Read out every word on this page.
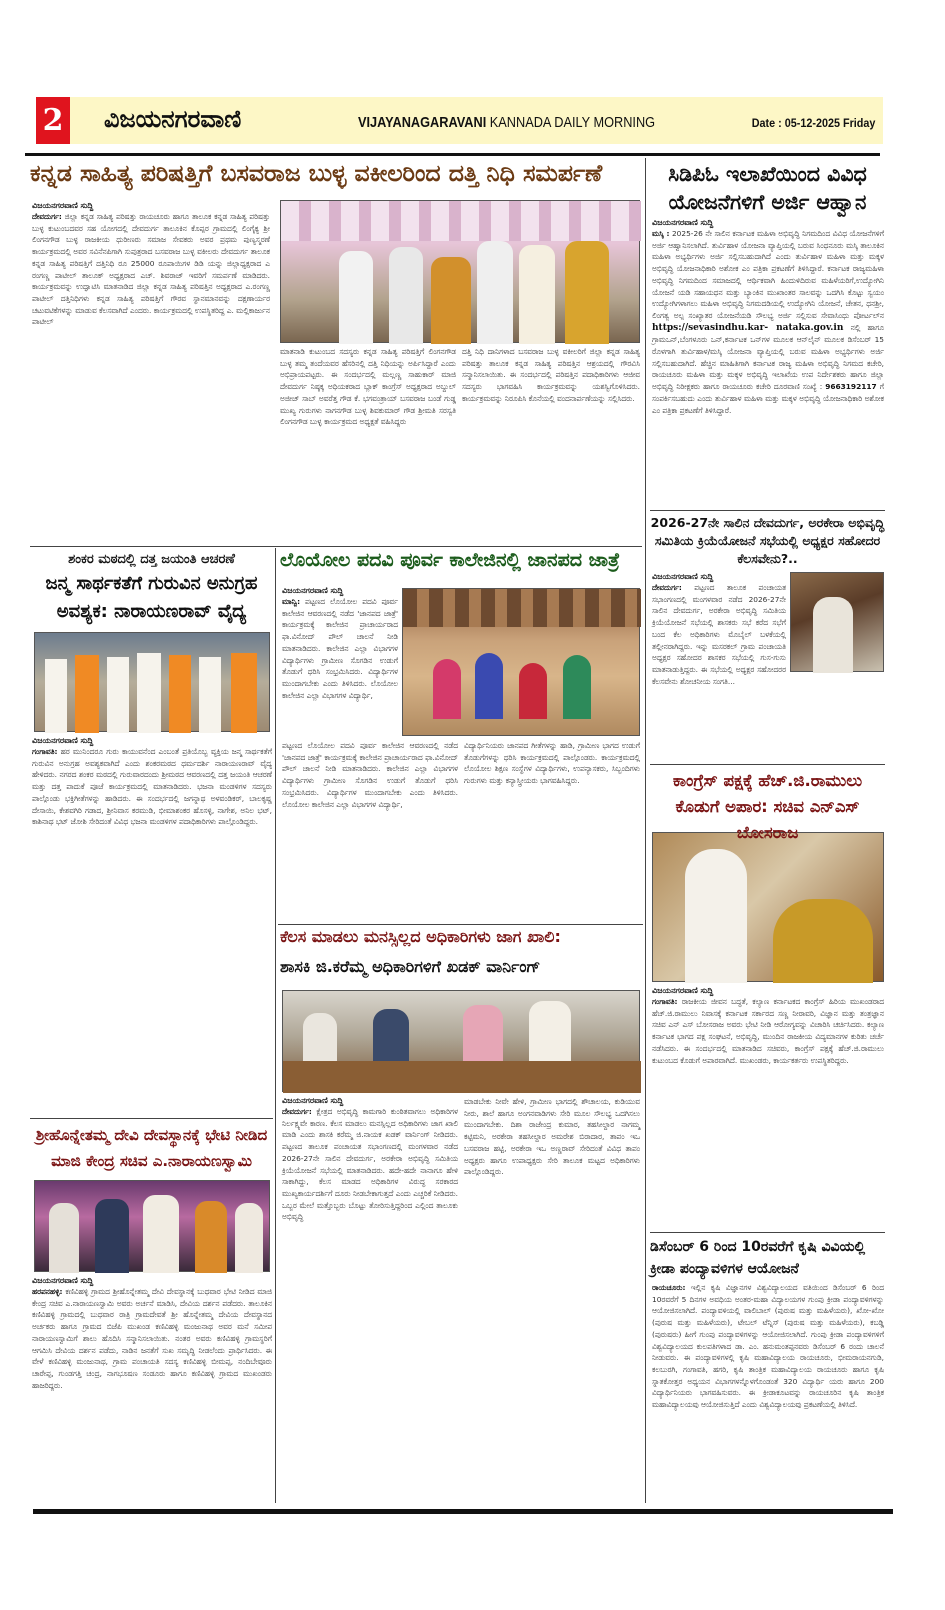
2 ವಿಜಯನಗರವಾಣಿ	VIJAYANAGARAVANI KANNADA DAILY MORNING	Date : 05-12-2025 Friday
ಕನ್ನಡ ಸಾಹಿತ್ಯ ಪರಿಷತ್ತಿಗೆ ಬಸವರಾಜ ಬುಳ್ಳ ವಕೀಲರಿಂದ ದತ್ತಿ ನಿಧಿ ಸಮರ್ಪಣೆ
ವಿಜಯನಗರವಾಣಿ ಸುದ್ದಿ
ದೇವದುರ್ಗ: ಜಿಲ್ಲಾ ಕನ್ನಡ ಸಾಹಿತ್ಯ ಪರಿಷತ್ತು ರಾಯಚೂರು ಹಾಗೂ ತಾಲೂಕ ಕನ್ನಡ ಸಾಹಿತ್ಯ ಪರಿಷತ್ತು ಬುಳ್ಳ ಕುಟುಂಬದವರ ಸಹ ಯೋಗದಲ್ಲಿ ದೇವದುರ್ಗ ತಾಲೂಕಿನ ಕೊಪ್ಪರ ಗ್ರಾಮದಲ್ಲಿ ಲಿಂಗೈಕ್ಯ ಶ್ರೀ ಲಿಂಗನಗೌಡ ಬುಳ್ಳ ರಾಜಕೀಯ ಧುರೀಣರು ಸಮಾಜ ಸೇವಕರು ಅವರ ಪ್ರಥಮ ಪುಣ್ಯಸ್ಮರಣೆ ಕಾರ್ಯಕ್ರಮದಲ್ಲಿ ಅವರ ಸವಿನೆನಪಿಗಾಗಿ ಸುಪುತ್ರರಾದ ಬಸವರಾಜ ಬುಳ್ಳ ವಕೀಲರು ದೇವದುರ್ಗ ತಾಲೂಕ ಕನ್ನಡ ಸಾಹಿತ್ಯ ಪರಿಷತ್ತಿಗೆ ದತ್ತಿನಿಧಿ ರೂ 25000 ರೂಪಾಯಿಗಳ ಡಿಡಿ ಯನ್ನು ಜಿಲ್ಲಾಧ್ಯಕ್ಷರಾದ ಎ ರಂಗಣ್ಣ ಪಾಟೀಲ್ ತಾಲೂಕ್ ಅಧ್ಯಕ್ಷರಾದ ಎಚ್. ಶಿವರಾಜ್ ಇವರಿಗೆ ಸಮರ್ಪಣೆ ಮಾಡಿದರು. ಕಾರ್ಯಕ್ರಮವನ್ನು ಉದ್ಘಾಟಿಸಿ ಮಾತನಾಡಿದ ಜಿಲ್ಲಾ ಕನ್ನಡ ಸಾಹಿತ್ಯ ಪರಿಷತ್ತಿನ ಅಧ್ಯಕ್ಷರಾದ ಎ.ರಂಗಣ್ಣ ಪಾಟೀಲ್ ದತ್ತಿನಿಧಿಗಳು ಕನ್ನಡ ಸಾಹಿತ್ಯ ಪರಿಷತ್ತಿಗೆ ಗೌರವ ಸ್ಥಾನಮಾನವನ್ನು ದಕ್ಷಣಾರ್ಯರ ಚಟುವಟಿಕೆಗಳನ್ನು ಮಾಡುವ ಕೆಲಸವಾಗಿದೆ ಎಂದರು. ಕಾರ್ಯಕ್ರಮದಲ್ಲಿ ಉಪಸ್ಥಿತರಿದ್ದ ಎ. ಮಲ್ಲಿಕಾರ್ಜುನ ಪಾಟೀಲ್
ಮಾತನಾಡಿ ಕುಟುಂಬದ ಸದಸ್ಯರು ಕನ್ನಡ ಸಾಹಿತ್ಯ ಪರಿಷತ್ತಿಗೆ ಲಿಂಗನಗೌಡ ಬುಳ್ಳ ತಮ್ಮ ತಂದೆಯವರ ಹೆಸರಿನಲ್ಲಿ ದತ್ತಿ ನಿಧಿಯನ್ನು ಅರ್ಪಿಸಿದ್ದಾರೆ ಎಂದು ಅಭಿಪ್ರಾಯಪಟ್ಟರು. ಈ ಸಂದರ್ಭದಲ್ಲಿ ಮಲ್ಲಣ್ಣ ಸಾಹುಕಾರ್ ಮಾಜಿ ದೇವದುರ್ಗ ನಿಷ್ಠಕ್ಕ ಅಧಿಯಕರಾದ ಬ್ಲಾಕ್ ಕಾಂಗ್ರೆಸ್ ಅಧ್ಯಕ್ಷರಾದ ಅಬ್ದುಲ್ ಅಜೀಜ್ ಸಾಬ್ ಅವರೆತ್ತ ಗೌಡ ಕೆ. ಭಗವಂತ್ರಾಯ್ ಬಸವರಾಜ ಬಂಡೆ ಗುಡ್ಡ ಮುಖ್ಯ ಗುರುಗಳು ನಾಗನಗೌಡ ಬುಳ್ಳ ಶಿವಕುಮಾರ್ ಗೌಡ ಶ್ರೀಮತಿ ಸರಸ್ವತಿ ಲಿಂಗನಗೌಡ ಬುಳ್ಳ ಕಾರ್ಯಕ್ರಮದ ಅಧ್ಯಕ್ಷತೆ ವಹಿಸಿದ್ದರು
ದತ್ತಿ ನಿಧಿ ದಾನಿಗಳಾದ ಬಸವರಾಜ ಬುಳ್ಳ ವಕೀಲರಿಗೆ ಜಿಲ್ಲಾ ಕನ್ನಡ ಸಾಹಿತ್ಯ ಪರಿಷತ್ತು ತಾಲೂಕ ಕನ್ನಡ ಸಾಹಿತ್ಯ ಪರಿಷತ್ತಿನ ಆಶ್ರಯದಲ್ಲಿ ಗೌರವಿಸಿ ಸನ್ಮಾನಿಸಲಾಯಿತು. ಈ ಸಂದರ್ಭದಲ್ಲಿ ಪರಿಷತ್ತಿನ ಪದಾಧಿಕಾರಿಗಳು ಆಜೀವ ಸದಸ್ಯರು ಭಾಗವಹಿಸಿ ಕಾರ್ಯಕ್ರಮವನ್ನು ಯಶಸ್ವಿಗೊಳಿಸಿದರು. ಕಾರ್ಯಕ್ರಮವನ್ನು ನಿರೂಪಿಸಿ ಕೊನೆಯಲ್ಲಿ ವಂದನಾರ್ಪಣೆಯನ್ನು ಸಲ್ಲಿಸಿದರು.
ಸಿಡಿಪಿಓ ಇಲಾಖೆಯಿಂದ ವಿವಿಧ ಯೋಜನೆಗಳಿಗೆ ಅರ್ಜಿ ಆಹ್ವಾನ
ವಿಜಯನಗರವಾಣಿ ಸುದ್ದಿ
ಮಸ್ಕಿ : 2025-26 ನೇ ಸಾಲಿನ ಕರ್ನಾಟಕ ಮಹಿಳಾ ಅಭಿವೃದ್ಧಿ ನಿಗಮದಿಂದ ವಿವಿಧ ಯೋಜನೆಗಳಿಗೆ ಅರ್ಜಿ ಆಹ್ವಾನಿಸಲಾಗಿದೆ. ತುರ್ವಿಹಾಳ ಯೋಜನಾ ವ್ಯಾಪ್ತಿಯಲ್ಲಿ ಬರುವ ಸಿಂಧನೂರು ಮಸ್ಕಿ ತಾಲೂಕಿನ ಮಹಿಳಾ ಅಭ್ಯರ್ಥಿಗಳು ಅರ್ಜಿ ಸಲ್ಲಿಸಬಹುದಾಗಿದೆ ಎಂದು ತುರ್ವಿಹಾಳ ಮಹಿಳಾ ಮತ್ತು ಮಕ್ಕಳ ಅಭಿವೃದ್ಧಿ ಯೋಜನಾಧಿಕಾರಿ ಅಶೋಕ ಎಂ ಪತ್ರಿಕಾ ಪ್ರಕಟಣೆಗೆ ತಿಳಿಸಿದ್ದಾರೆ. ಕರ್ನಾಟಕ ರಾಜ್ಯಮಹಿಳಾ ಅಭಿವೃದ್ಧಿ ನಿಗಮದಿಂದ ಸಮಾಜದಲ್ಲಿ ಆರ್ಥಿಕವಾಗಿ ಹಿಂದುಳಿದಿರುವ ಮಹಿಳೆಯರಿಗೆ,ಉದ್ಯೋಗಿನಿ ಯೋಜನೆ ಯಡಿ ಸಹಾಯಧನ ಮತ್ತು ಬ್ಯಾಂಕಿನ ಮುಖಾಂತರ ಸಾಲವನ್ನು ಒದಗಿಸಿ ಕೊಟ್ಟು ಸ್ವಯಂ ಉದ್ಯೋಗಿಗಳಾಗಲು ಮಹಿಳಾ ಅಭಿವೃದ್ಧಿ ನಿಗಮದಡಿಯಲ್ಲಿ ಉದ್ಯೋಗಿನಿ ಯೋಜನೆ, ಚೇತನ, ಧನಶ್ರೀ, ಲಿಂಗತ್ವ ಅಲ್ಪ ಸಂಖ್ಯಾತರ ಯೋಜನೆಯಡಿ ಸೌಲಭ್ಯ ಅರ್ಜಿ ಸಲ್ಲಿಸುವ ಸೇವಾಸಿಂಧು ಪೋರ್ಟಲ್‌ನ https://sevasindhu.kar- nataka.gov.in ನಲ್ಲಿ ಹಾಗೂ ಗ್ರಾಮಒನ್,ಬೆಂಗಳೂರು ಒನ್,ಕರ್ನಾಟಕ ಒನ್‌ಗಳ ಮೂಲಕ ಆನ್‌ಲೈನ್ ಮೂಲಕ ಡಿಸೆಂಬರ್ 15 ರೊಳಗಾಗಿ ತುರ್ವಿಹಾಳ/ಮಸ್ಕಿ ಯೋಜನಾ ವ್ಯಾಪ್ತಿಯಲ್ಲಿ ಬರುವ ಮಹಿಳಾ ಅಭ್ಯರ್ಥಿಗಳು ಅರ್ಜಿ ಸಲ್ಲಿಸಬಹುದಾಗಿದೆ. ಹೆಚ್ಚಿನ ಮಾಹಿತಿಗಾಗಿ ಕರ್ನಾಟಕ ರಾಜ್ಯ ಮಹಿಳಾ ಅಭಿವೃದ್ಧಿ ನಿಗಮದ ಕಚೇರಿ, ರಾಯಚೂರು ಮಹಿಳಾ ಮತ್ತು ಮಕ್ಕಳ ಅಭಿವೃದ್ಧಿ ಇಲಾಖೆಯ ಉಪ ನಿರ್ದೇಶಕರು ಹಾಗೂ ಜಿಲ್ಲಾ ಅಭಿವೃದ್ಧಿ ನಿರೀಕ್ಷಕರು ಹಾಗೂ ರಾಯಚೂರು ಕಚೇರಿ ದೂರವಾಣಿ ಸಂಖ್ಯೆ : 9663192117 ಗೆ ಸಂಪರ್ಕಿಸಬಹುದು ಎಂದು ತುರ್ವಿಹಾಳ ಮಹಿಳಾ ಮತ್ತು ಮಕ್ಕಳ ಅಭಿವೃದ್ಧಿ ಯೋಜನಾಧಿಕಾರಿ ಅಶೋಕ ಎಂ ಪತ್ರಿಕಾ ಪ್ರಕಟಣೆಗೆ ತಿಳಿಸಿದ್ದಾರೆ.
2026-27ನೇ ಸಾಲಿನ ದೇವದುರ್ಗ, ಅರಕೇರಾ ಅಭಿವೃದ್ಧಿ ಸಮಿತಿಯ ಕ್ರಿಯೆಯೋಜನೆ ಸಭೆಯಲ್ಲಿ ಅಧ್ಯಕ್ಷರ ಸಹೋದರ ಕೆಲಸವೇನು?..
ವಿಜಯನಗರವಾಣಿ ಸುದ್ದಿ
ದೇವದುರ್ಗ: ಪಟ್ಟಣದ ತಾಲೂಕ ಪಂಚಾಯತ ಸಭಾಂಗಣದಲ್ಲಿ ಮಂಗಳವಾರ ನಡೆದ 2026-27ನೇ ಸಾಲಿನ ದೇವದುರ್ಗ, ಅರಕೇರಾ ಅಭಿವೃದ್ಧಿ ಸಮಿತಿಯ ಕ್ರಿಯೆಯೋಜನೆ ಸಭೆಯಲ್ಲಿ ಶಾಸಕರು ಸಭೆ ಕರೆದ ಸಭೆಗೆ ಬಂದ ಕೆಲ ಅಧಿಕಾರಿಗಳು ಮೊಬೈಲ್ ಬಳಕೆಯಲ್ಲಿ ತಲ್ಲೀನರಾಗಿದ್ದರು. ಇನ್ನು ಮಸರಕಲ್ ಗ್ರಾಮ ಪಂಚಾಯತಿ ಅಧ್ಯಕ್ಷರ ಸಹೋದರ ಶಾಸಕರ ಸಭೆಯಲ್ಲಿ ಗುಸ-ಗುಸು ಮಾತನಾಡುತ್ತಿದ್ದರು. ಈ ಸಭೆಯಲ್ಲಿ ಅಧ್ಯಕ್ಷರ ಸಹೋದರರ ಕೆಲಸವೇನು ಶೋಚನೀಯ ಸಂಗತಿ...
ಕಾಂಗ್ರೆಸ್ ಪಕ್ಷಕ್ಕೆ ಹೆಚ್.ಜಿ.ರಾಮುಲು ಕೊಡುಗೆ ಅಪಾರ: ಸಚಿವ ಎನ್‌ಎಸ್ ಬೋಸರಾಜ
ವಿಜಯನಗರವಾಣಿ ಸುದ್ದಿ
ಗಂಗಾವತಿ: ರಾಜಕೀಯ ಜೀವನ ಬದ್ಧತೆ, ಕಲ್ಯಾಣ ಕರ್ನಾಟಕದ ಕಾಂಗ್ರೆಸ್ ಹಿರಿಯ ಮುಖಂಡರಾದ ಹೆಚ್.ಜಿ.ರಾಮುಲು ನಿವಾಸಕ್ಕೆ ಕರ್ನಾಟಕ ಸರ್ಕಾರದ ಸಣ್ಣ ನೀರಾವರಿ, ವಿಜ್ಞಾನ ಮತ್ತು ತಂತ್ರಜ್ಞಾನ ಸಚಿವ ಎನ್ ಎಸ್ ಬೋಸರಾಜ ಅವರು ಭೇಟಿ ನೀಡಿ ಆರೋಗ್ಯವನ್ನು ವಿಚಾರಿಸಿ ಚರ್ಚಿಸಿದರು. ಕಲ್ಯಾಣ ಕರ್ನಾಟಕ ಭಾಗದ ಪಕ್ಷ ಸಂಘಟನೆ, ಅಭಿವೃದ್ಧಿ, ಮುಂದಿನ ರಾಜಕೀಯ ವಿದ್ಯಮಾನಗಳ ಕುರಿತು ಚರ್ಚೆ ನಡೆಸಿದರು. ಈ ಸಂದರ್ಭದಲ್ಲಿ ಮಾತನಾಡಿದ ಸಚಿವರು, ಕಾಂಗ್ರೆಸ್ ಪಕ್ಷಕ್ಕೆ ಹೆಚ್.ಜಿ.ರಾಮುಲು ಕುಟುಂಬದ ಕೊಡುಗೆ ಅಪಾರವಾಗಿದೆ. ಮುಖಂಡರು, ಕಾರ್ಯಕರ್ತರು ಉಪಸ್ಥಿತರಿದ್ದರು.
ಡಿಸೆಂಬರ್ 6 ರಿಂದ 10ರವರೆಗೆ ಕೃಷಿ ವಿವಿಯಲ್ಲಿ ಕ್ರೀಡಾ ಪಂದ್ಯಾವಳಿಗಳ ಆಯೋಜನೆ
ರಾಯಚೂರು: ಇಲ್ಲಿನ ಕೃಷಿ ವಿಜ್ಞಾನಗಳ ವಿಶ್ವವಿದ್ಯಾಲಯದ ವತಿಯಿಂದ ಡಿಸೆಂಬರ್ 6 ರಿಂದ 10ರವರೆಗೆ 5 ದಿನಗಳ ಅವಧಿಯ ಅಂತರ-ಮಹಾ ವಿದ್ಯಾಲಯಗಳ ಗುಂಪು ಕ್ರೀಡಾ ಪಂದ್ಯಾವಳಿಗಳನ್ನು ಆಯೋಜಿಸಲಾಗಿದೆ. ಪಂದ್ಯಾವಳಿಯಲ್ಲಿ ವಾಲಿಬಾಲ್ (ಪುರುಷ ಮತ್ತು ಮಹಿಳೆಯರು), ಖೋ-ಖೋ (ಪುರುಷ ಮತ್ತು ಮಹಿಳೆಯರು), ಟೇಬಲ್ ಟೆನ್ನಿಸ್ (ಪುರುಷ ಮತ್ತು ಮಹಿಳೆಯರು), ಕಬಡ್ಡಿ (ಪುರುಷರು) ಹೀಗೆ ಗುಂಪು ಪಂದ್ಯಾವಳಿಗಳನ್ನು ಆಯೋಜಿಸಲಾಗಿದೆ. ಗುಂಪು ಕ್ರೀಡಾ ಪಂದ್ಯಾವಳಿಗಳಿಗೆ ವಿಶ್ವವಿದ್ಯಾಲಯದ ಕುಲಪತಿಗಳಾದ ಡಾ. ಎಂ. ಹನುಮಂತಪ್ಪನವರು ಡಿಸೆಂಬರ್ 6 ರಂದು ಚಾಲನೆ ನೀಡುವರು. ಈ ಪಂದ್ಯಾವಳಿಗಳಲ್ಲಿ ಕೃಷಿ ಮಹಾವಿದ್ಯಾಲಯ ರಾಯಚೂರು, ಭೀಮರಾಯನಗುಡಿ, ಕಲಬುರಗಿ, ಗಂಗಾವತಿ, ಹಗರಿ, ಕೃಷಿ ತಾಂತ್ರಿಕ ಮಹಾವಿದ್ಯಾಲಯ ರಾಯಚೂರು ಹಾಗೂ ಕೃಷಿ ಸ್ನಾತಕೋತ್ತರ ಅಧ್ಯಯನ ವಿಭಾಗಗಳನ್ನೊಳಗೊಂಡಂತೆ 320 ವಿದ್ಯಾರ್ಥಿ ಯರು ಹಾಗೂ 200 ವಿದ್ಯಾರ್ಥಿನಿಯರು ಭಾಗವಹಿಸುವರು. ಈ ಕ್ರೀಡಾಕೂಟವನ್ನು ರಾಯಚೂರಿನ ಕೃಷಿ ತಾಂತ್ರಿಕ ಮಹಾವಿದ್ಯಾಲಯವು ಆಯೋಜಿಸುತ್ತಿದೆ ಎಂದು ವಿಶ್ವವಿದ್ಯಾಲಯವು ಪ್ರಕಟಣೆಯಲ್ಲಿ ತಿಳಿಸಿದೆ.
ಶಂಕರ ಮಠದಲ್ಲಿ ದತ್ತ ಜಯಂತಿ ಆಚರಣೆ
ಜನ್ಮ ಸಾರ್ಥಕತೆಗೆ ಗುರುವಿನ ಅನುಗ್ರಹ ಅವಶ್ಯಕ: ನಾರಾಯಣರಾವ್ ವೈದ್ಯ
ವಿಜಯನಗರವಾಣಿ ಸುದ್ದಿ
ಗಂಗಾವತಿ: ಹರ ಮುನಿಂದರೂ ಗುರು ಕಾಯುವನೆಂದ ಎಂಬಂತೆ ಪ್ರತಿಯೊಬ್ಬ ವ್ಯಕ್ತಿಯ ಜನ್ಮ ಸಾರ್ಥಕತೆಗೆ ಗುರುವಿನ ಅನುಗ್ರಹ ಅವಶ್ಯಕವಾಗಿದೆ ಎಂದು ಶಂಕರಮಠದ ಧರ್ಮದರ್ಶಿ ನಾರಾಯಣರಾವ್ ವೈದ್ಯ ಹೇಳಿದರು. ನಗರದ ಶಂಕರ ಮಠದಲ್ಲಿ ಗುರುವಾರದಂದು ಶ್ರೀಮಠದ ಆವರಣದಲ್ಲಿ ದತ್ತ ಜಯಂತಿ ಆಚರಣೆ ಮತ್ತು ದತ್ತ ಪಾದುಕೆ ಪೂಜೆ ಕಾರ್ಯಕ್ರಮದಲ್ಲಿ ಮಾತನಾಡಿದರು. ಭಜನಾ ಮಂಡಳಿಗಳ ಸದಸ್ಯರು ಪಾಲ್ಗೊಂಡು ಭಕ್ತಿಗೀತೆಗಳನ್ನು ಹಾಡಿದರು. ಈ ಸಂದರ್ಭದಲ್ಲಿ ಜಗನ್ನಾಥ ಅಳವಂಡಿಕರ್, ಬಾಲಕೃಷ್ಣ ದೇಸಾಯಿ, ಕೇಶವಗಿರಿ ಗಡಾದ, ಶ್ರೀನಿವಾಸ ಕರಮುಡಿ, ಭೀಮಾಶಂಕರ ಹೊಸಳ್ಳಿ, ನಾಗೇಶ, ಅನಿಲ ಭಟ್, ಕಾಶಿನಾಥ ಭಟ್ ಜೋಶಿ ಸೇರಿದಂತೆ ವಿವಿಧ ಭಜನಾ ಮಂಡಳಿಗಳ ಪದಾಧಿಕಾರಿಗಳು ಪಾಲ್ಗೊಂಡಿದ್ದರು.
ಶ್ರೀಹೊನ್ನೇತಮ್ಮ ದೇವಿ ದೇವಸ್ಥಾನಕ್ಕೆ ಭೇಟಿ ನೀಡಿದ ಮಾಜಿ ಕೇಂದ್ರ ಸಚಿವ ಎ.ನಾರಾಯಣಸ್ವಾಮಿ
ವಿಜಯನಗರವಾಣಿ ಸುದ್ದಿ
ಹರಪನಹಳ್ಳಿ: ಕಣಿವಿಹಳ್ಳಿ ಗ್ರಾಮದ ಶ್ರೀಹೊನ್ನೇತಮ್ಮ ದೇವಿ ದೇವಸ್ಥಾನಕ್ಕೆ ಬುಧವಾರ ಭೇಟಿ ನೀಡಿದ ಮಾಜಿ ಕೇಂದ್ರ ಸಚಿವ ಎ.ನಾರಾಯಣಸ್ವಾಮಿ ಅವರು ಅರ್ಚನೆ ಮಾಡಿಸಿ, ದೇವಿಯ ದರ್ಶನ ಪಡೆದರು. ತಾಲೂಕಿನ ಕಣಿವಿಹಳ್ಳಿ ಗ್ರಾಮದಲ್ಲಿ ಬುಧವಾರ ರಾತ್ರಿ ಗ್ರಾಮದೇವತೆ ಶ್ರೀ ಹೊನ್ನೇತಮ್ಮ ದೇವಿಯ ದೇವಸ್ಥಾನದ ಅರ್ಚಕರು ಹಾಗೂ ಗ್ರಾಮದ ಬಿಜೆಪಿ ಮುಖಂಡ ಕಣಿವಿಹಳ್ಳಿ ಮಂಜುನಾಥ ಅವರ ಮನೆ ಸಮೀಪ ನಾರಾಯಣಸ್ವಾಮಿಗೆ ಶಾಲು ಹೊದಿಸಿ ಸನ್ಮಾನಿಸಲಾಯಿತು. ನಂತರ ಅವರು ಕಣಿವಿಹಳ್ಳಿ ಗ್ರಾಮಸ್ಥರಿಗೆ ಆಗಮಿಸಿ ದೇವಿಯ ದರ್ಶನ ಪಡೆದು, ನಾಡಿನ ಜನತೆಗೆ ಸುಖ ಸಮೃದ್ಧಿ ನೀಡಲೆಂದು ಪ್ರಾರ್ಥಿಸಿದರು. ಈ ವೇಳೆ ಕಣಿವಿಹಳ್ಳಿ ಮಂಜುನಾಥ, ಗ್ರಾಮ ಪಂಚಾಯತಿ ಸದಸ್ಯ ಕಣಿವಿಹಳ್ಳಿ ಬೀಮಪ್ಪ, ನಂದಿಬೇವೂರು ಚಾರೇಪ್ಪ, ಗುಂಡಗತ್ತಿ ಚಂದ್ರ, ನಾಗಭೂಷಣ ಸಂಡೂರು ಹಾಗೂ ಕಣಿವಿಹಳ್ಳಿ ಗ್ರಾಮದ ಮುಖಂಡರು ಹಾಜರಿದ್ದರು.
ಲೊಯೋಲ ಪದವಿ ಪೂರ್ವ ಕಾಲೇಜಿನಲ್ಲಿ ಜಾನಪದ ಜಾತ್ರೆ
ವಿಜಯನಗರವಾಣಿ ಸುದ್ದಿ
ಮಾನ್ವಿ: ಪಟ್ಟಣದ ಲೊಯೋಲ ಪದವಿ ಪೂರ್ವ ಕಾಲೇಜಿನ ಆವರಣದಲ್ಲಿ ನಡೆದ 'ಜಾನಪದ ಜಾತ್ರೆ' ಕಾರ್ಯಕ್ರಮಕ್ಕೆ ಕಾಲೇಜಿನ ಪ್ರಾಚಾರ್ಯರಾದ ಫಾ.ವಿನೋದ್ ಪೌಲ್ ಚಾಲನೆ ನೀಡಿ ಮಾತನಾಡಿದರು. ಕಾಲೇಜಿನ ಎಲ್ಲಾ ವಿಭಾಗಗಳ ವಿದ್ಯಾರ್ಥಿಗಳು ಗ್ರಾಮೀಣ ಸೊಗಡಿನ ಉಡುಗೆ ತೊಡುಗೆ ಧರಿಸಿ ಸಂಭ್ರಮಿಸಿದರು. ವಿದ್ಯಾರ್ಥಿಗಳ ಮುಂದಾಗಬೇಕು ಎಂದು ತಿಳಿಸಿದರು. ಲೊಯೋಲ ಕಾಲೇಜಿನ ಎಲ್ಲಾ ವಿಭಾಗಗಳ ವಿದ್ಯಾರ್ಥಿ,
ಪಟ್ಟಣದ ಲೊಯೋಲ ಪದವಿ ಪೂರ್ವ ಕಾಲೇಜಿನ ಆವರಣದಲ್ಲಿ ನಡೆದ 'ಜಾನಪದ ಜಾತ್ರೆ' ಕಾರ್ಯಕ್ರಮಕ್ಕೆ ಕಾಲೇಜಿನ ಪ್ರಾಚಾರ್ಯರಾದ ಫಾ.ವಿನೋದ್ ಪೌಲ್ ಚಾಲನೆ ನೀಡಿ ಮಾತನಾಡಿದರು. ಕಾಲೇಜಿನ ಎಲ್ಲಾ ವಿಭಾಗಗಳ ವಿದ್ಯಾರ್ಥಿಗಳು ಗ್ರಾಮೀಣ ಸೊಗಡಿನ ಉಡುಗೆ ತೊಡುಗೆ ಧರಿಸಿ ಸಂಭ್ರಮಿಸಿದರು. ವಿದ್ಯಾರ್ಥಿಗಳ ಮುಂದಾಗಬೇಕು ಎಂದು ತಿಳಿಸಿದರು. ಲೊಯೋಲ ಕಾಲೇಜಿನ ಎಲ್ಲಾ ವಿಭಾಗಗಳ ವಿದ್ಯಾರ್ಥಿ,
ವಿದ್ಯಾರ್ಥಿನಿಯರು ಜಾನಪದ ಗೀತೆಗಳನ್ನು ಹಾಡಿ, ಗ್ರಾಮೀಣ ಭಾಗದ ಉಡುಗೆ ತೊಡುಗೆಗಳನ್ನು ಧರಿಸಿ ಕಾರ್ಯಕ್ರಮದಲ್ಲಿ ಪಾಲ್ಗೊಂಡರು. ಕಾರ್ಯಕ್ರಮದಲ್ಲಿ ಲೊಯೋಲ ಶಿಕ್ಷಣ ಸಂಸ್ಥೆಗಳ ವಿದ್ಯಾರ್ಥಿಗಳು, ಉಪನ್ಯಾಸಕರು, ಸಿಬ್ಬಂದಿಗಳು ಗುರುಗಳು ಮತ್ತು ಕನ್ಯಾಸ್ತ್ರೀಯರು ಭಾಗವಹಿಸಿದ್ದರು.
ಕೆಲಸ ಮಾಡಲು ಮನಸ್ಸಿಲ್ಲದ ಅಧಿಕಾರಿಗಳು ಜಾಗ ಖಾಲಿ:
ಶಾಸಕಿ ಜಿ.ಕರೆಮ್ಮ ಅಧಿಕಾರಿಗಳಿಗೆ ಖಡಕ್ ವಾರ್ನಿಂಗ್
ವಿಜಯನಗರವಾಣಿ ಸುದ್ದಿ
ದೇವದುರ್ಗ: ಕ್ಷೇತ್ರದ ಅಭಿವೃದ್ಧಿ ಕಾಮಗಾರಿ ಕುಂಠಿತವಾಗಲು ಅಧಿಕಾರಿಗಳ ನಿರ್ಲಕ್ಷ್ಯವೇ ಕಾರಣ. ಕೆಲಸ ಮಾಡಲು ಮನಸ್ಸಿಲ್ಲದ ಅಧಿಕಾರಿಗಳು ಜಾಗ ಖಾಲಿ ಮಾಡಿ ಎಂದು ಶಾಸಕಿ ಕರೆಮ್ಮ ಜಿ.ನಾಯಕ ಖಡಕ್ ವಾರ್ನಿಂಗ್ ನೀಡಿದರು. ಪಟ್ಟಣದ ತಾಲೂಕ ಪಂಚಾಯತ ಸಭಾಂಗಣದಲ್ಲಿ ಮಂಗಳವಾರ ನಡೆದ 2026-27ನೇ ಸಾಲಿನ ದೇವದುರ್ಗ, ಅರಕೇರಾ ಅಭಿವೃದ್ಧಿ ಸಮಿತಿಯ ಕ್ರಿಯೆಯೋಜನೆ ಸಭೆಯಲ್ಲಿ ಮಾತನಾಡಿದರು. ಹದೇ-ಹದೇ ನಾನಾಗೂ ಹೇಳಿ ಸಾಕಾಗಿದ್ದು, ಕೆಲಸ ಮಾಡದ ಅಧಿಕಾರಿಗಳ ವಿರುದ್ಧ ಸರಕಾರದ ಮುಖ್ಯಕಾರ್ಯದರ್ಶಿಗೆ ದೂರು ನೀಡಬೇಕಾಗುತ್ತದೆ ಎಂದು ಎಚ್ಚರಿಕೆ ನೀಡಿದರು. ಒಬ್ಬರ ಮೇಲೆ ಮತ್ತೊಬ್ಬರು ಬೊಟ್ಟು ತೋರಿಸುತ್ತಿದ್ದರಿಂದ ಎಲ್ಲಿಂದ ತಾಲೂಕು ಅಭಿವೃದ್ಧಿ
ಮಾಡಬೇಕು ನೀವೇ ಹೇಳಿ, ಗ್ರಾಮೀಣ ಭಾಗದಲ್ಲಿ ಶೌಚಾಲಯ, ಕುಡಿಯುವ ನೀರು, ಶಾಲೆ ಹಾಗೂ ಅಂಗನವಾಡಿಗಳು ಸೇರಿ ಮೂಲ ಸೌಲಭ್ಯ ಒದಗಿಸಲು ಮುಂದಾಗಬೇಕು. ದಿಶಾ ರಾಜೇಂದ್ರ ಕುಮಾರ, ತಹಸೀಲ್ದಾರ ನಾಗಮ್ಮ ಕಟ್ಟಿಮನಿ, ಅರಕೇರಾ ತಹಸೀಲ್ದಾರ ಅಮರೇಶ ಬಿರಾದಾರ, ತಾಪಂ ಇಒ ಬಸವರಾಜ ಹಟ್ಟಿ, ಅರಕೇರಾ ಇಒ ಅಣ್ಣರಾವ್ ಸೇರಿದಂತೆ ವಿವಿಧ ತಾಪಂ ಅಧ್ಯಕ್ಷರು ಹಾಗೂ ಉಪಾಧ್ಯಕ್ಷರು ಸೇರಿ ತಾಲೂಕ ಮಟ್ಟದ ಅಧಿಕಾರಿಗಳು ಪಾಲ್ಗೊಂಡಿದ್ದರು.
